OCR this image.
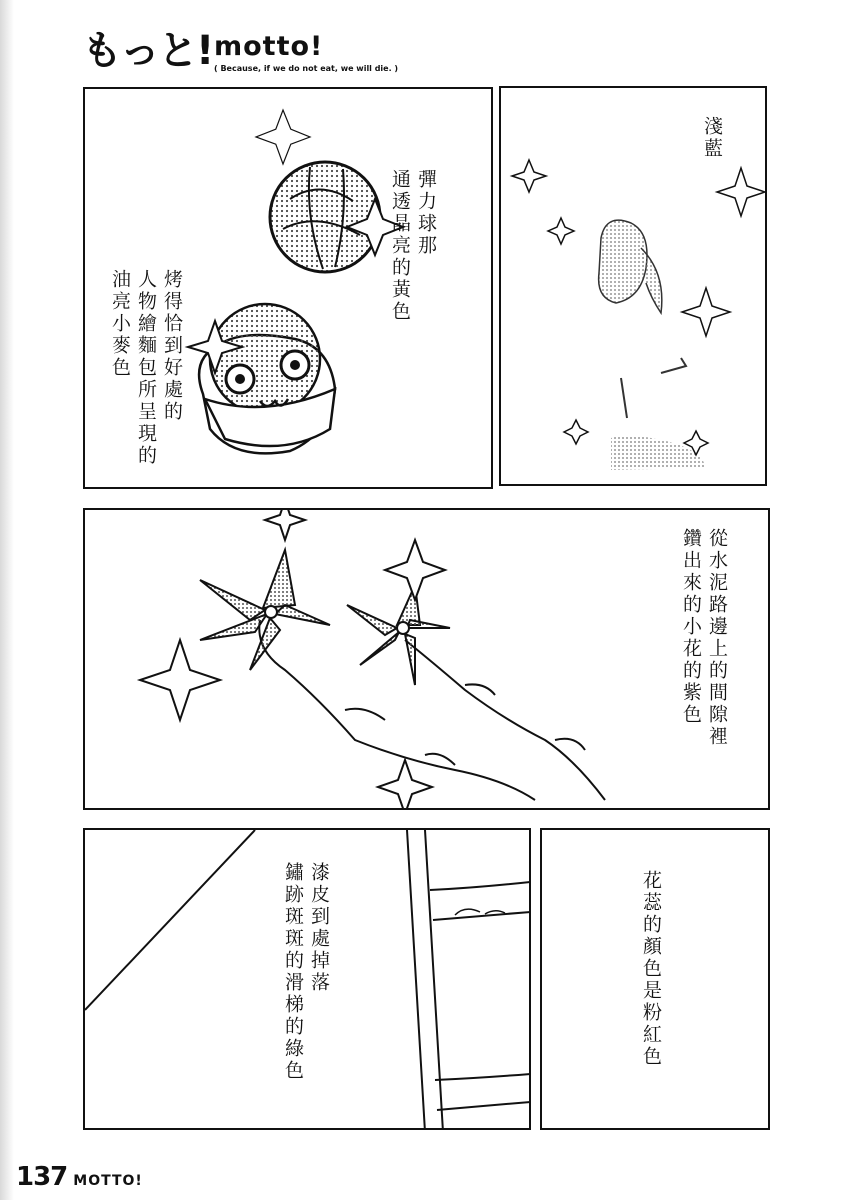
もっと! motto!
( Because, if we do not eat, we will die. )
彈力球那
通透晶亮的黃色
烤得恰到好處的
人物繪麵包所呈現的
油亮小麥色
淺藍
從水泥路邊上的間隙裡
鑽出來的小花的紫色
漆皮到處掉落
鏽跡斑斑的滑梯的綠色	花蕊的顏色是粉紅色
137 MOTTO!
